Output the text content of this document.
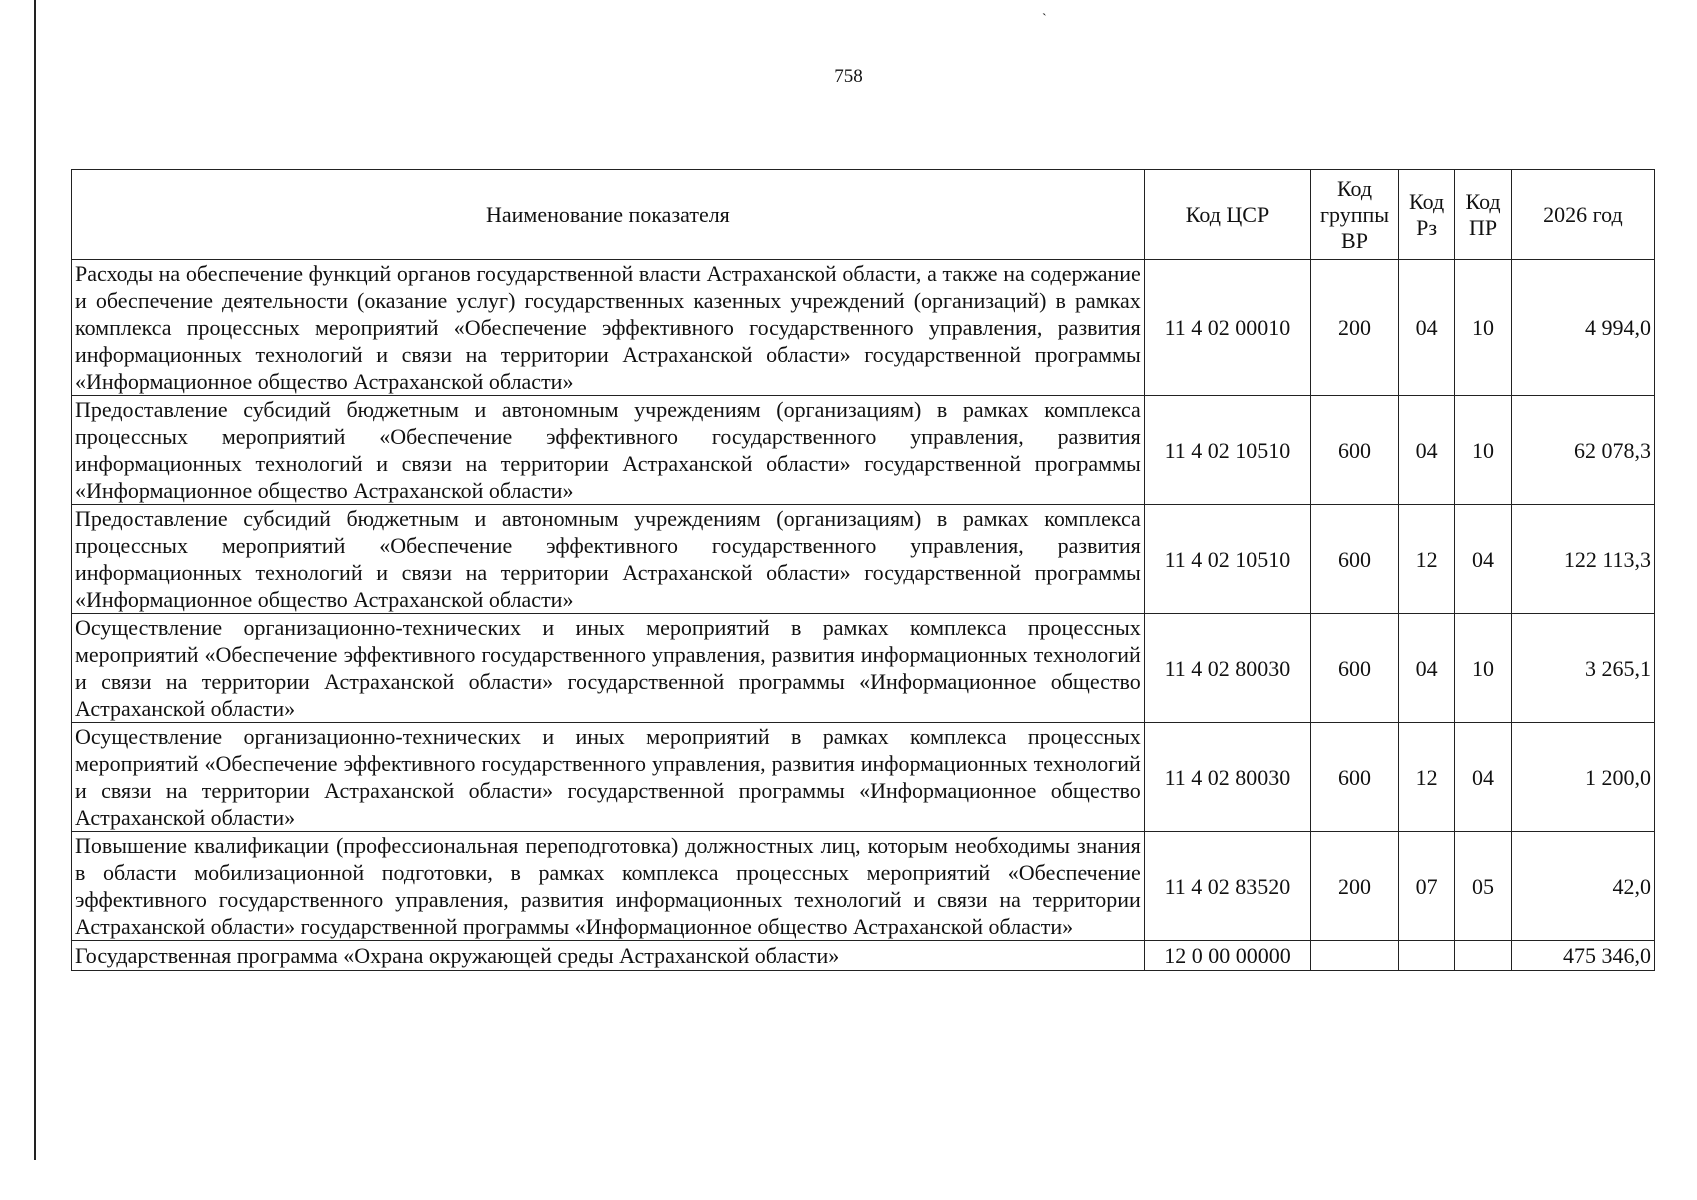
ˋ
758
Наименование показателя	Код ЦСР	Код группы ВР	Код Рз	Код ПР	2026 год
Расходы на обеспечение функций органов государственной власти Астраханской области, а также на содержание и обеспечение деятельности (оказание услуг) государственных казенных учреждений (организаций) в рамках комплекса процессных мероприятий «Обеспечение эффективного государственного управления, развития информационных технологий и связи на территории Астраханской области» государственной программы «Информационное общество Астраханской области»	11 4 02 00010	200	04	10	4 994,0
Предоставление субсидий бюджетным и автономным учреждениям (организациям) в рамках комплекса процессных мероприятий «Обеспечение эффективного государственного управления, развития информационных технологий и связи на территории Астраханской области» государственной программы «Информационное общество Астраханской области»	11 4 02 10510	600	04	10	62 078,3
Предоставление субсидий бюджетным и автономным учреждениям (организациям) в рамках комплекса процессных мероприятий «Обеспечение эффективного государственного управления, развития информационных технологий и связи на территории Астраханской области» государственной программы «Информационное общество Астраханской области»	11 4 02 10510	600	12	04	122 113,3
Осуществление организационно-технических и иных мероприятий в рамках комплекса процессных мероприятий «Обеспечение эффективного государственного управления, развития информационных технологий и связи на территории Астраханской области» государственной программы «Информационное общество Астраханской области»	11 4 02 80030	600	04	10	3 265,1
Осуществление организационно-технических и иных мероприятий в рамках комплекса процессных мероприятий «Обеспечение эффективного государственного управления, развития информационных технологий и связи на территории Астраханской области» государственной программы «Информационное общество Астраханской области»	11 4 02 80030	600	12	04	1 200,0
Повышение квалификации (профессиональная переподготовка) должностных лиц, которым необходимы знания в области мобилизационной подготовки, в рамках комплекса процессных мероприятий «Обеспечение эффективного государственного управления, развития информационных технологий и связи на территории Астраханской области» государственной программы «Информационное общество Астраханской области»	11 4 02 83520	200	07	05	42,0
Государственная программа «Охрана окружающей среды Астраханской области»	12 0 00 00000				475 346,0
